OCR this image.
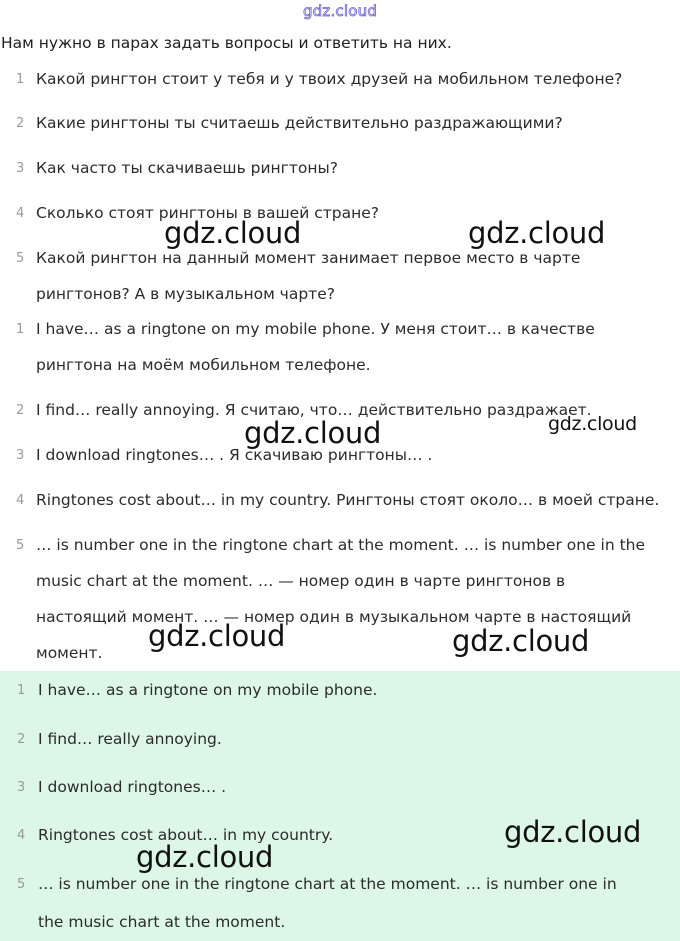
gdz.cloud
Нам нужно в парах задать вопросы и ответить на них.
1 Какой рингтон стоит у тебя и у твоих друзей на мобильном телефоне?
2 Какие рингтоны ты считаешь действительно раздражающими?
3 Как часто ты скачиваешь рингтоны?
4 Сколько стоят рингтоны в вашей стране?
5 Какой рингтон на данный момент занимает первое место в чарте
рингтонов? А в музыкальном чарте?
1 I have… as a ringtone on my mobile phone. У меня стоит… в качестве
рингтона на моём мобильном телефоне.
2 I find… really annoying. Я считаю, что… действительно раздражает.
3 I download ringtones… . Я скачиваю рингтоны… .
4 Ringtones cost about… in my country. Рингтоны стоят около… в моей стране.
5 … is number one in the ringtone chart at the moment. … is number one in the
music chart at the moment. … — номер один в чарте рингтонов в
настоящий момент. … — номер один в музыкальном чарте в настоящий
момент.
1 I have… as a ringtone on my mobile phone.
2 I find… really annoying.
3 I download ringtones… .
4 Ringtones cost about… in my country.
5 … is number one in the ringtone chart at the moment. … is number one in
the music chart at the moment.
gdz.cloud	gdz.cloud
gdz.cloud	gdz.cloud
gdz.cloud	gdz.cloud
gdz.cloud
gdz.cloud
